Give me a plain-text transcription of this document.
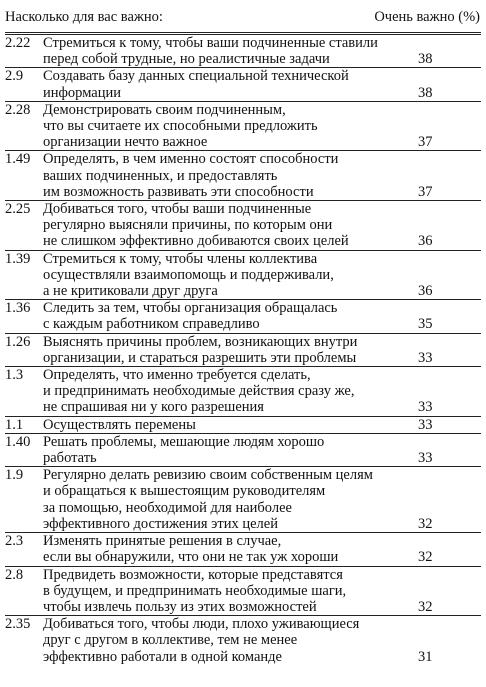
Насколько для вас важно:	Очень важно (%)
2.22 Стремиться к тому, чтобы ваши подчиненные ставили
перед собой трудные, но реалистичные задачи	38
2.9	Создавать базу данных специальной технической
информации	38
2.28 Демонстрировать своим подчиненным,
что вы считаете их способными предложить
организации нечто важное	37
1.49 Определять, в чем именно состоят способности
ваших подчиненных, и предоставлять
им возможность развивать эти способности	37
2.25 Добиваться того, чтобы ваши подчиненные
регулярно выясняли причины, по которым они
не слишком эффективно добиваются своих целей	36
1.39 Стремиться к тому, чтобы члены коллектива
осуществляли взаимопомощь и поддерживали,
а не критиковали друг друга	36
1.36 Следить за тем, чтобы организация обращалась
с каждым работником справедливо	35
1.26 Выяснять причины проблем, возникающих внутри
организации, и стараться разрешить эти проблемы	33
1.3	Определять, что именно требуется сделать,
и предпринимать необходимые действия сразу же,
не спрашивая ни у кого разрешения	33
1.1	Осуществлять перемены	33
1.40 Решать проблемы, мешающие людям хорошо
работать	33
1.9	Регулярно делать ревизию своим собственным целям
и обращаться к вышестоящим руководителям
за помощью, необходимой для наиболее
эффективного достижения этих целей	32
2.3	Изменять принятые решения в случае,
если вы обнаружили, что они не так уж хороши	32
2.8	Предвидеть возможности, которые представятся
в будущем, и предпринимать необходимые шаги,
чтобы извлечь пользу из этих возможностей	32
2.35 Добиваться того, чтобы люди, плохо уживающиеся
друг с другом в коллективе, тем не менее
эффективно работали в одной команде	31
